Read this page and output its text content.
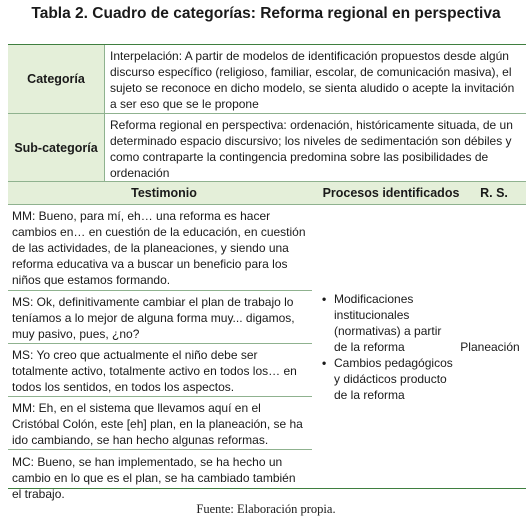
Tabla 2. Cuadro de categorías: Reforma regional en perspectiva
Categoría
Interpelación: A partir de modelos de identificación propuestos desde algún discurso específico (religioso, familiar, escolar, de comunicación masiva), el sujeto se reconoce en dicho modelo, se sienta aludido o acepte la invitación a ser eso que se le propone
Sub-categoría
Reforma regional en perspectiva: ordenación, históricamente situada, de un determinado espacio discursivo; los niveles de sedimentación son débiles y como contraparte la contingencia predomina sobre las posibilidades de ordenación
Testimonio	Procesos identificados	R. S.
MM: Bueno, para mí, eh… una reforma es hacer cambios en… en cuestión de la educación, en cuestión de las actividades, de la planeaciones, y siendo una reforma educativa va a buscar un beneficio para los niños que estamos formando.
MS: Ok, definitivamente cambiar el plan de trabajo lo teníamos a lo mejor de alguna forma muy... digamos, muy pasivo, pues, ¿no?
MS: Yo creo que actualmente el niño debe ser totalmente activo, totalmente activo en todos los… en todos los sentidos, en todos los aspectos.
MM: Eh, en el sistema que llevamos aquí en el Cristóbal Colón, este [eh] plan, en la planeación, se ha ido cambiando, se han hecho algunas reformas.
MC: Bueno, se han implementado, se ha hecho un cambio en lo que es el plan, se ha cambiado también el trabajo.
• Modificaciones institucionales (normativas) a partir de la reforma
• Cambios pedagógicos y didácticos producto de la reforma
Planeación
Fuente: Elaboración propia.
